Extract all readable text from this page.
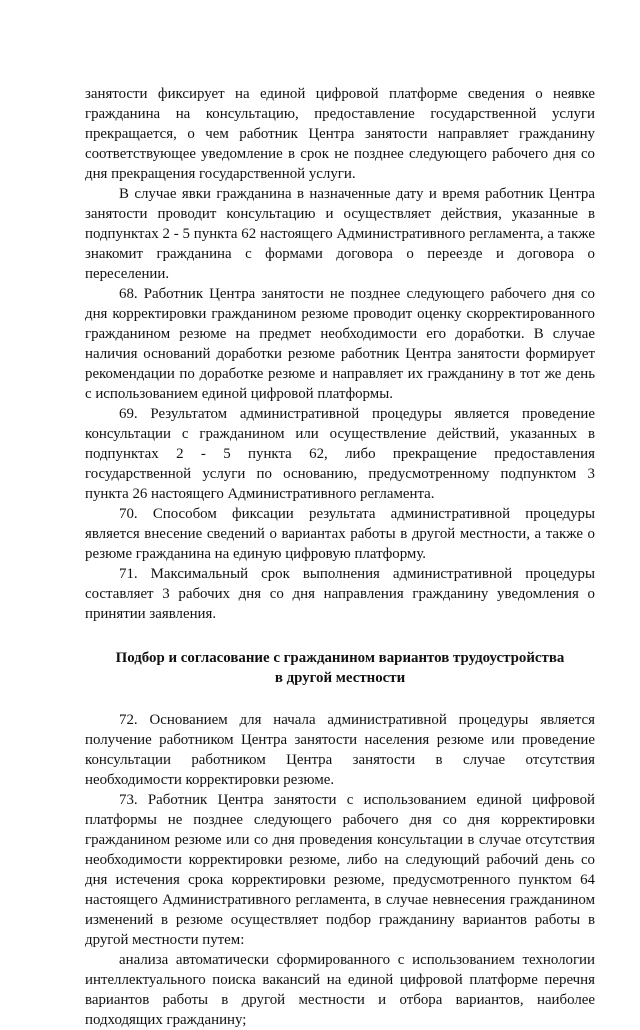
занятости фиксирует на единой цифровой платформе сведения о неявке гражданина на консультацию, предоставление государственной услуги прекращается, о чем работник Центра занятости направляет гражданину соответствующее уведомление в срок не позднее следующего рабочего дня со дня прекращения государственной услуги.

В случае явки гражданина в назначенные дату и время работник Центра занятости проводит консультацию и осуществляет действия, указанные в подпунктах 2 - 5 пункта 62 настоящего Административного регламента, а также знакомит гражданина с формами договора о переезде и договора о переселении.

68. Работник Центра занятости не позднее следующего рабочего дня со дня корректировки гражданином резюме проводит оценку скорректированного гражданином резюме на предмет необходимости его доработки. В случае наличия оснований доработки резюме работник Центра занятости формирует рекомендации по доработке резюме и направляет их гражданину в тот же день с использованием единой цифровой платформы.

69. Результатом административной процедуры является проведение консультации с гражданином или осуществление действий, указанных в подпунктах 2 - 5 пункта 62, либо прекращение предоставления государственной услуги по основанию, предусмотренному подпунктом 3 пункта 26 настоящего Административного регламента.

70. Способом фиксации результата административной процедуры является внесение сведений о вариантах работы в другой местности, а также о резюме гражданина на единую цифровую платформу.

71. Максимальный срок выполнения административной процедуры составляет 3 рабочих дня со дня направления гражданину уведомления о принятии заявления.

Подбор и согласование с гражданином вариантов трудоустройства в другой местности

72. Основанием для начала административной процедуры является получение работником Центра занятости населения резюме или проведение консультации работником Центра занятости в случае отсутствия необходимости корректировки резюме.

73. Работник Центра занятости с использованием единой цифровой платформы не позднее следующего рабочего дня со дня корректировки гражданином резюме или со дня проведения консультации в случае отсутствия необходимости корректировки резюме, либо на следующий рабочий день со дня истечения срока корректировки резюме, предусмотренного пунктом 64 настоящего Административного регламента, в случае невнесения гражданином изменений в резюме осуществляет подбор гражданину вариантов работы в другой местности путем:

анализа автоматически сформированного с использованием технологии интеллектуального поиска вакансий на единой цифровой платформе перечня вариантов работы в другой местности и отбора вариантов, наиболее подходящих гражданину;
